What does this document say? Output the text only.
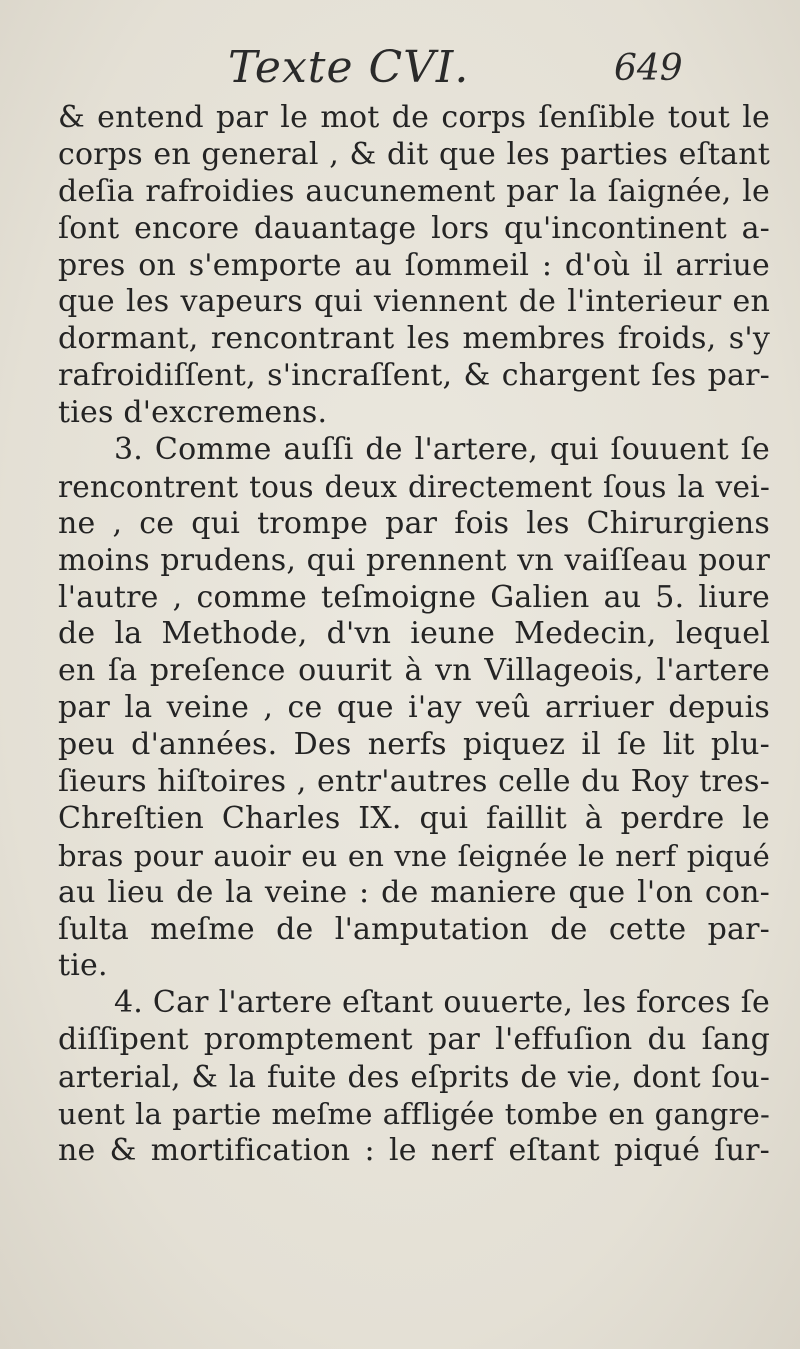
Texte CVI.	649
& entend par le mot de corps ſenſible tout le
corps en general , & dit que les parties eſtant
deſia rafroidies aucunement par la ſaignée, le
ſont encore dauantage lors qu'incontinent a-
pres on s'emporte au ſommeil : d'où il arriue
que les vapeurs qui viennent de l'interieur en
dormant, rencontrant les membres froids, s'y
rafroidiſſent, s'incraſſent, & chargent ſes par-
ties d'excremens.
3. Comme auſſi de l'artere, qui ſouuent ſe
rencontrent tous deux directement ſous la vei-
ne , ce qui trompe par fois les Chirurgiens
moins prudens, qui prennent vn vaiſſeau pour
l'autre , comme teſmoigne Galien au 5. liure
de la Methode, d'vn ieune Medecin, lequel
en ſa preſence ouurit à vn Villageois, l'artere
par la veine , ce que i'ay veû arriuer depuis
peu d'années. Des nerfs piquez il ſe lit plu-
ſieurs hiſtoires , entr'autres celle du Roy tres-
Chreſtien Charles IX. qui faillit à perdre le
bras pour auoir eu en vne ſeignée le nerf piqué
au lieu de la veine : de maniere que l'on con-
ſulta meſme de l'amputation de cette par-
tie.
4. Car l'artere eſtant ouuerte, les forces ſe
diſſipent promptement par l'effuſion du ſang
arterial, & la fuite des eſprits de vie, dont ſou-
uent la partie meſme affligée tombe en gangre-
ne & mortification : le nerf eſtant piqué ſur-
